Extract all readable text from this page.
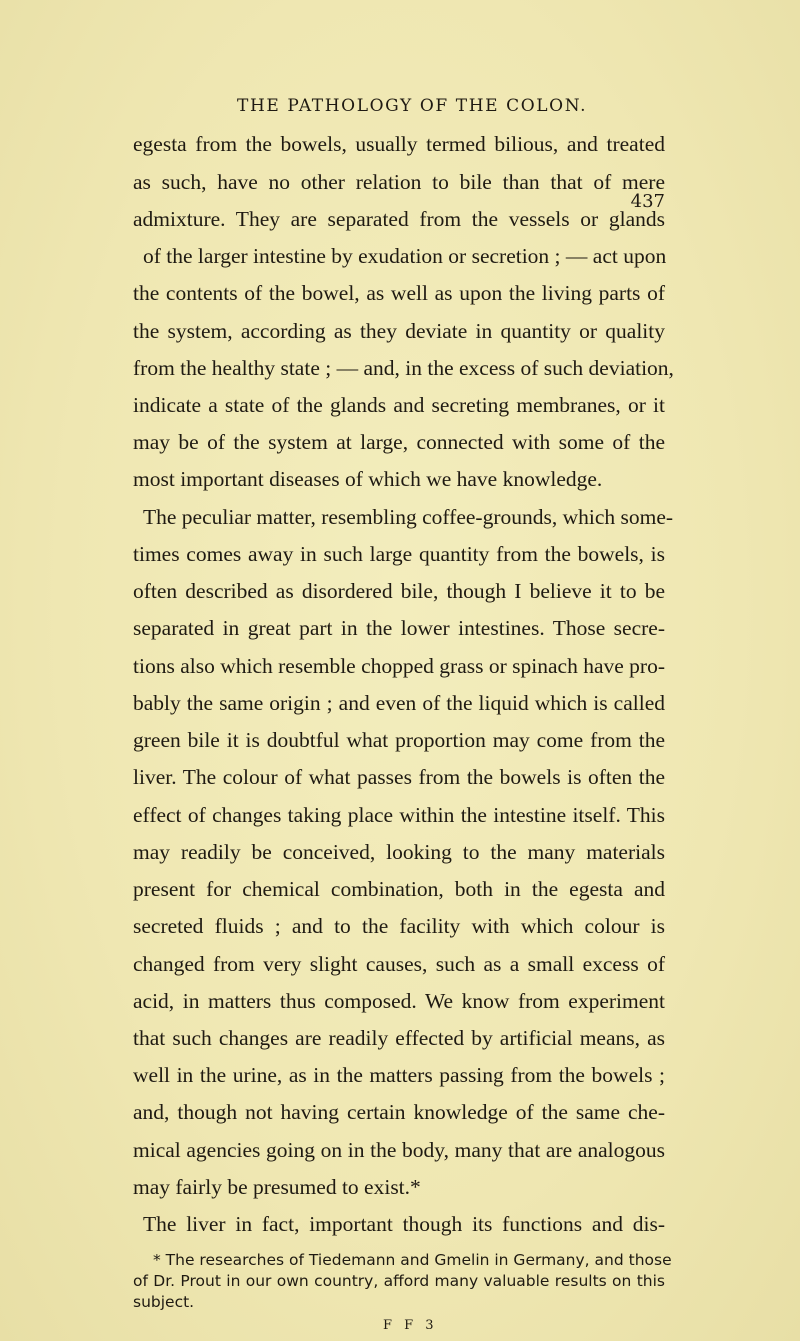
THE PATHOLOGY OF THE COLON.
437
egesta from the bowels, usually termed bilious, and treated
as such, have no other relation to bile than that of mere
admixture. They are separated from the vessels or glands
of the larger intestine by exudation or secretion ; — act upon
the contents of the bowel, as well as upon the living parts of
the system, according as they deviate in quantity or quality
from the healthy state ; — and, in the excess of such deviation,
indicate a state of the glands and secreting membranes, or it
may be of the system at large, connected with some of the
most important diseases of which we have knowledge.
The peculiar matter, resembling coffee-grounds, which some-
times comes away in such large quantity from the bowels, is
often described as disordered bile, though I believe it to be
separated in great part in the lower intestines. Those secre-
tions also which resemble chopped grass or spinach have pro-
bably the same origin ; and even of the liquid which is called
green bile it is doubtful what proportion may come from the
liver. The colour of what passes from the bowels is often the
effect of changes taking place within the intestine itself. This
may readily be conceived, looking to the many materials
present for chemical combination, both in the egesta and
secreted fluids ; and to the facility with which colour is
changed from very slight causes, such as a small excess of
acid, in matters thus composed. We know from experiment
that such changes are readily effected by artificial means, as
well in the urine, as in the matters passing from the bowels ;
and, though not having certain knowledge of the same che-
mical agencies going on in the body, many that are analogous
may fairly be presumed to exist.*
The liver in fact, important though its functions and dis-
* The researches of Tiedemann and Gmelin in Germany, and those
of Dr. Prout in our own country, afford many valuable results on this
subject.
F F 3
